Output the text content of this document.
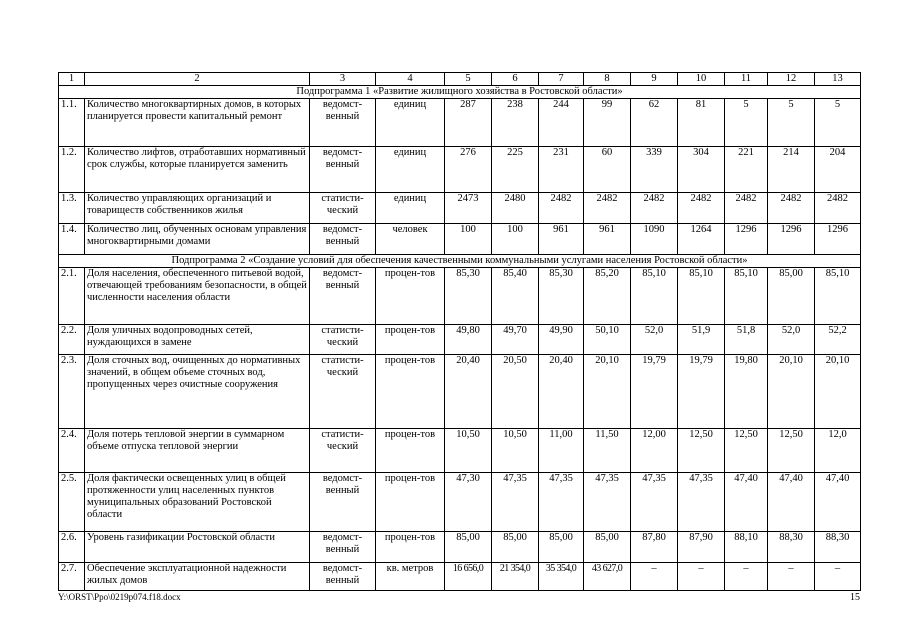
1	2	3	4	5	6	7	8	9	10	11	12	13
Подпрограмма 1 «Развитие жилищного хозяйства в Ростовской области»												
1.1.	Количество многоквартирных домов, в которых планируется провести капитальный ремонт	ведомст-венный	единиц	287	238	244	99	62	81	5	5	5
1.2.	Количество лифтов, отработавших нормативный срок службы, которые планируется заменить	ведомст-венный	единиц	276	225	231	60	339	304	221	214	204
1.3.	Количество управляющих организаций и товариществ собственников жилья	статисти-ческий	единиц	2473	2480	2482	2482	2482	2482	2482	2482	2482
1.4.	Количество лиц, обученных основам управления многоквартирными домами	ведомст-венный	человек	100	100	961	961	1090	1264	1296	1296	1296
Подпрограмма 2 «Создание условий для обеспечения качественными коммунальными услугами населения Ростовской области»												
2.1.	Доля населения, обеспеченного питьевой водой, отвечающей требованиям безопасности, в общей численности населения области	ведомст-венный	процен-тов	85,30	85,40	85,30	85,20	85,10	85,10	85,10	85,00	85,10
2.2.	Доля уличных водопроводных сетей, нуждающихся в замене	статисти-ческий	процен-тов	49,80	49,70	49,90	50,10	52,0	51,9	51,8	52,0	52,2
2.3.	Доля сточных вод, очищенных до нормативных значений, в общем объеме сточных вод, пропущенных через очистные сооружения	статисти-ческий	процен-тов	20,40	20,50	20,40	20,10	19,79	19,79	19,80	20,10	20,10
2.4.	Доля потерь тепловой энергии в суммарном объеме отпуска тепловой энергии	статисти-ческий	процен-тов	10,50	10,50	11,00	11,50	12,00	12,50	12,50	12,50	12,0
2.5.	Доля фактически освещенных улиц в общей протяженности улиц населенных пунктов муниципальных образований Ростовской области	ведомст-венный	процен-тов	47,30	47,35	47,35	47,35	47,35	47,35	47,40	47,40	47,40
2.6.	Уровень газификации Ростовской области	ведомст-венный	процен-тов	85,00	85,00	85,00	85,00	87,80	87,90	88,10	88,30	88,30
2.7.	Обеспечение эксплуатационной надежности жилых домов	ведомст-венный	кв. метров	16 656,0	21 354,0	35 354,0	43 627,0	–	–	–	–	–
Y:\ORST\Ppo\0219p074.f18.docx	15
